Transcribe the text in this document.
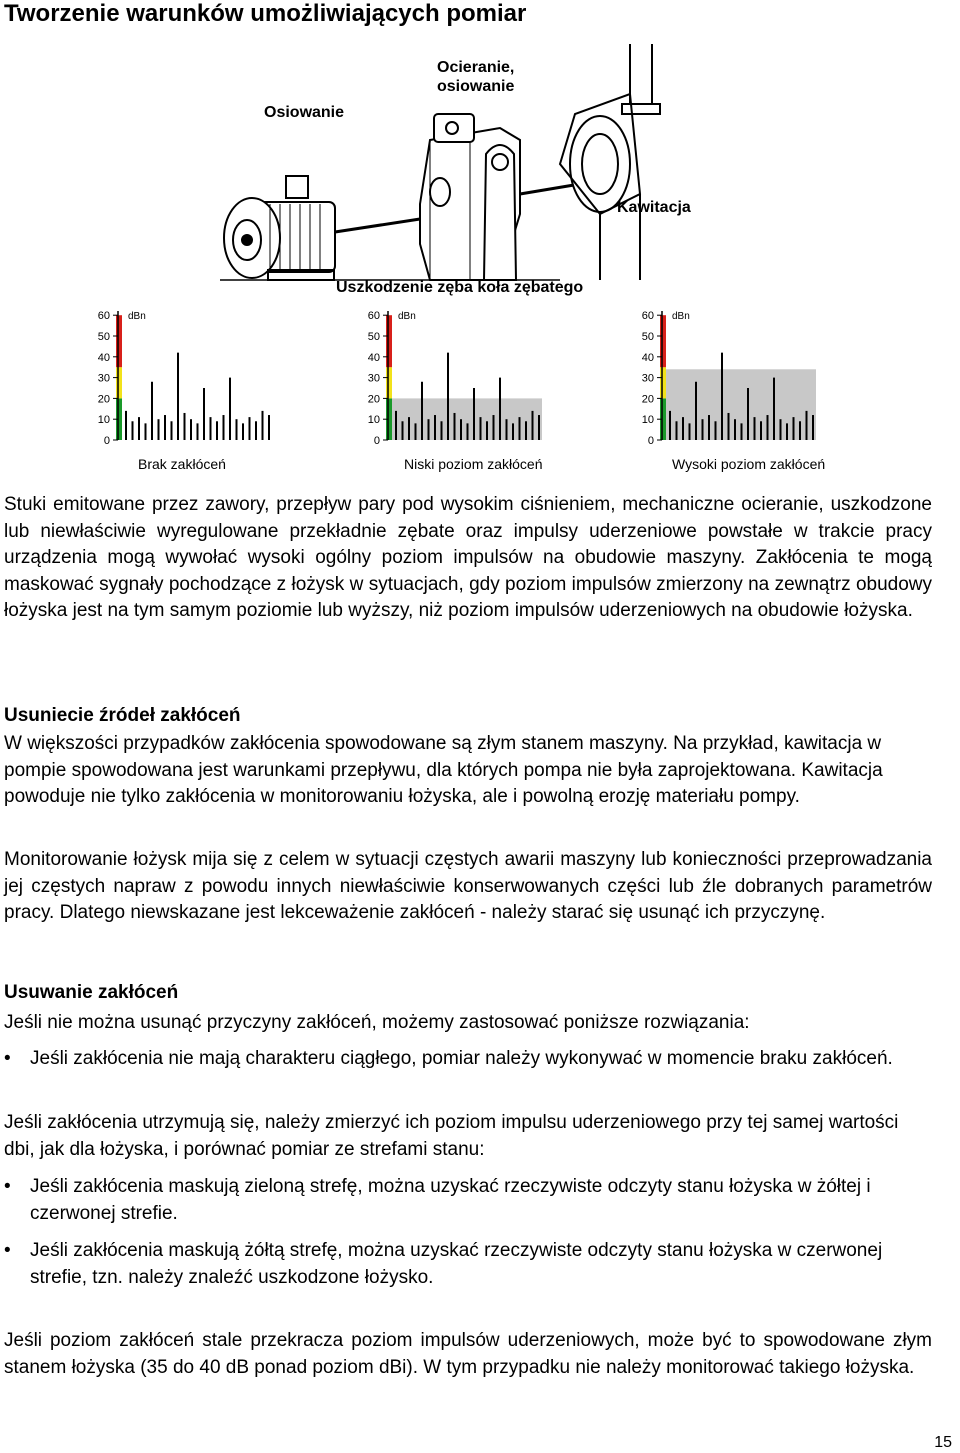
Tworzenie warunków umożliwiających pomiar
Ocieranie,
osiowanie
Osiowanie
Kawitacja
Uszkodzenie zęba koła zębatego
60
50
40
30
20
10
0
dBn
Brak zakłóceń
60
50
40
30
20
10
0
dBn
Niski poziom zakłóceń
60
50
40
30
20
10
0
dBn
Wysoki poziom zakłóceń
Stuki emitowane przez zawory, przepływ pary pod wysokim ciśnieniem, mechaniczne ocieranie, uszkodzone lub niewłaściwie wyregulowane przekładnie zębate oraz impulsy uderzeniowe powstałe w trakcie pracy urządzenia mogą wywołać wysoki ogólny poziom impulsów na obudowie maszyny. Zakłócenia te mogą maskować sygnały pochodzące z łożysk w sytuacjach, gdy poziom impulsów zmierzony na zewnątrz obudowy łożyska jest na tym samym poziomie lub wyższy, niż poziom impulsów uderzeniowych na obudowie łożyska.
Usuniecie źródeł zakłóceń
W większości przypadków zakłócenia spowodowane są złym stanem maszyny. Na przykład, kawitacja w pompie spowodowana jest warunkami przepływu, dla których pompa nie była zaprojektowana. Kawitacja powoduje nie tylko zakłócenia w monitorowaniu łożyska, ale i powolną erozję materiału pompy.
Monitorowanie łożysk mija się z celem w sytuacji częstych awarii maszyny lub konieczności przeprowadzania jej częstych napraw z powodu innych niewłaściwie konserwowanych części lub źle dobranych parametrów pracy. Dlatego niewskazane jest lekceważenie zakłóceń - należy starać się usunąć ich przyczynę.
Usuwanie zakłóceń
Jeśli nie można usunąć przyczyny zakłóceń, możemy zastosować poniższe rozwiązania:
• Jeśli zakłócenia nie mają charakteru ciągłego, pomiar należy wykonywać w momencie braku zakłóceń.
Jeśli zakłócenia utrzymują się, należy zmierzyć ich poziom impulsu uderzeniowego przy tej samej wartości dbi, jak dla łożyska, i porównać pomiar ze strefami stanu:
• Jeśli zakłócenia maskują zieloną strefę, można uzyskać rzeczywiste odczyty stanu łożyska w żółtej i czerwonej strefie.
• Jeśli zakłócenia maskują żółtą strefę, można uzyskać rzeczywiste odczyty stanu łożyska w czerwonej strefie, tzn. należy znaleźć uszkodzone łożysko.
Jeśli poziom zakłóceń stale przekracza poziom impulsów uderzeniowych, może być to spowodowane złym stanem łożyska (35 do 40 dB ponad poziom dBi). W tym przypadku nie należy monitorować takiego łożyska.
15
